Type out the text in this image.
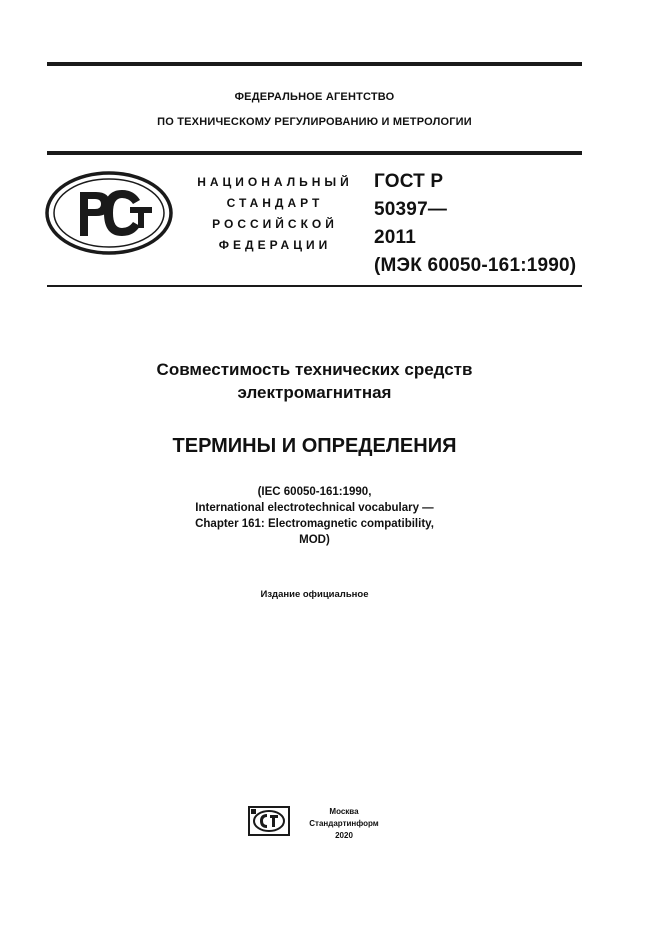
ФЕДЕРАЛЬНОЕ АГЕНТСТВО
ПО ТЕХНИЧЕСКОМУ РЕГУЛИРОВАНИЮ И МЕТРОЛОГИИ
НАЦИОНАЛЬНЫЙ
СТАНДАРТ
РОССИЙСКОЙ
ФЕДЕРАЦИИ
ГОСТ Р
50397—
2011
(МЭК 60050-161:1990)
Совместимость технических средств
электромагнитная
ТЕРМИНЫ И ОПРЕДЕЛЕНИЯ
(IEC 60050-161:1990,
International electrotechnical vocabulary —
Chapter 161: Electromagnetic compatibility,
MOD)
Издание официальное
Москва
Стандартинформ
2020
